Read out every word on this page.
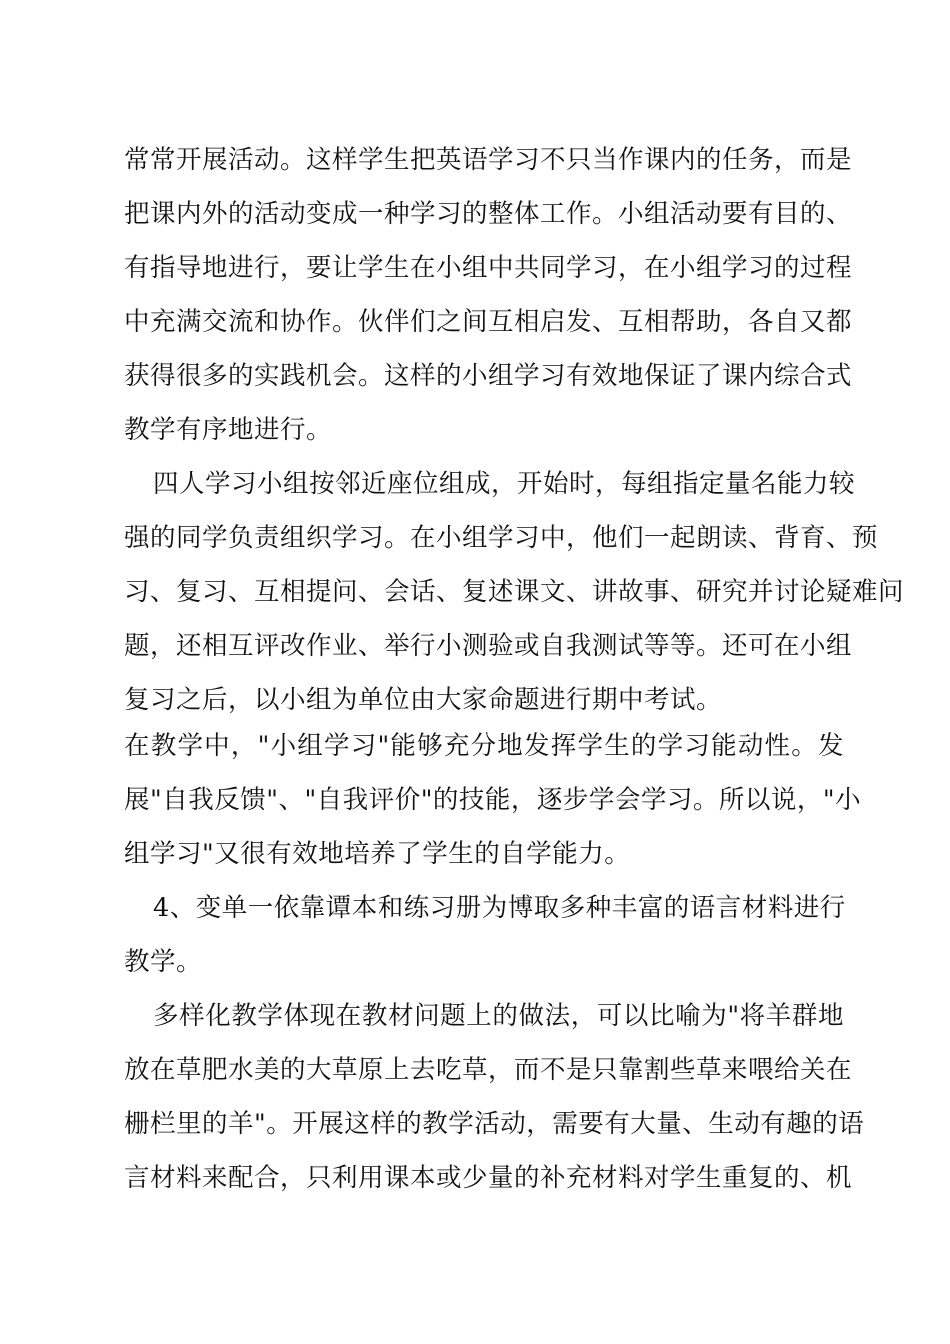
常常开展活动。这样学生把英语学习不只当作课内的任务，而是
把课内外的活动变成一种学习的整体工作。小组活动要有目的、
有指导地进行，要让学生在小组中共同学习，在小组学习的过程
中充满交流和协作。伙伴们之间互相启发、互相帮助，各自又都
获得很多的实践机会。这样的小组学习有效地保证了课内综合式
教学有序地进行。
四人学习小组按邻近座位组成，开始时，每组指定量名能力较
强的同学负责组织学习。在小组学习中，他们一起朗读、背育、预
习、复习、互相提问、会话、复述课文、讲故事、研究并讨论疑难问
题，还相互评改作业、举行小测验或自我测试等等。还可在小组
复习之后，以小组为单位由大家命题进行期中考试。
在教学中，"小组学习"能够充分地发挥学生的学习能动性。发
展"自我反馈"、"自我评价"的技能，逐步学会学习。所以说，"小
组学习"又很有效地培养了学生的自学能力。
4、变单一依靠谭本和练习册为博取多种丰富的语言材料进行
教学。
多样化教学体现在教材问题上的做法，可以比喻为"将羊群地
放在草肥水美的大草原上去吃草，而不是只靠割些草来喂给关在
栅栏里的羊"。开展这样的教学活动，需要有大量、生动有趣的语
言材料来配合，只利用课本或少量的补充材料对学生重复的、机
